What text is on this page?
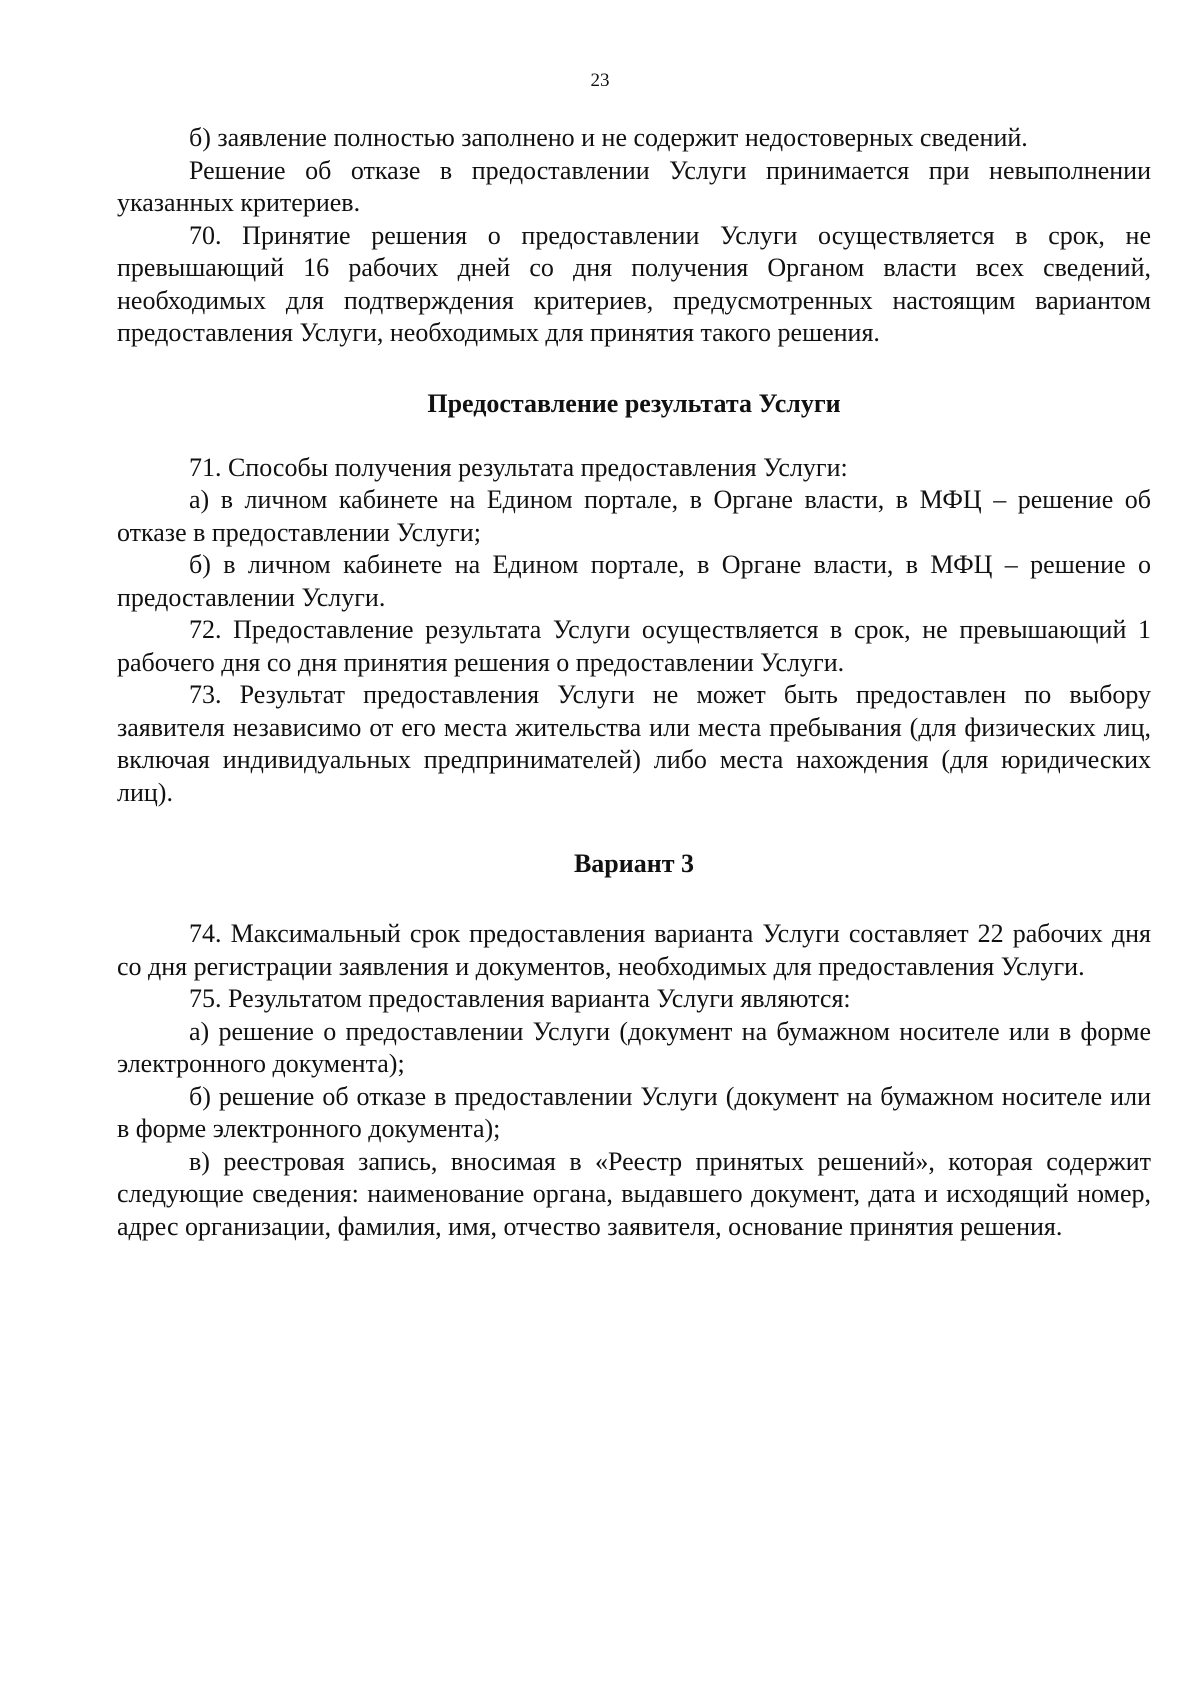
23

б) заявление полностью заполнено и не содержит недостоверных сведений.

Решение об отказе в предоставлении Услуги принимается при невыполнении указанных критериев.

70. Принятие решения о предоставлении Услуги осуществляется в срок, не превышающий 16 рабочих дней со дня получения Органом власти всех сведений, необходимых для подтверждения критериев, предусмотренных настоящим вариантом предоставления Услуги, необходимых для принятия такого решения.

Предоставление результата Услуги

71. Способы получения результата предоставления Услуги:

а) в личном кабинете на Едином портале, в Органе власти, в МФЦ – решение об отказе в предоставлении Услуги;

б) в личном кабинете на Едином портале, в Органе власти, в МФЦ – решение о предоставлении Услуги.

72. Предоставление результата Услуги осуществляется в срок, не превышающий 1 рабочего дня со дня принятия решения о предоставлении Услуги.

73. Результат предоставления Услуги не может быть предоставлен по выбору заявителя независимо от его места жительства или места пребывания (для физических лиц, включая индивидуальных предпринимателей) либо места нахождения (для юридических лиц).

Вариант 3

74. Максимальный срок предоставления варианта Услуги составляет 22 рабочих дня со дня регистрации заявления и документов, необходимых для предоставления Услуги.

75. Результатом предоставления варианта Услуги являются:

а) решение о предоставлении Услуги (документ на бумажном носителе или в форме электронного документа);

б) решение об отказе в предоставлении Услуги (документ на бумажном носителе или в форме электронного документа);

в) реестровая запись, вносимая в «Реестр принятых решений», которая содержит следующие сведения: наименование органа, выдавшего документ, дата и исходящий номер, адрес организации, фамилия, имя, отчество заявителя, основание принятия решения.
